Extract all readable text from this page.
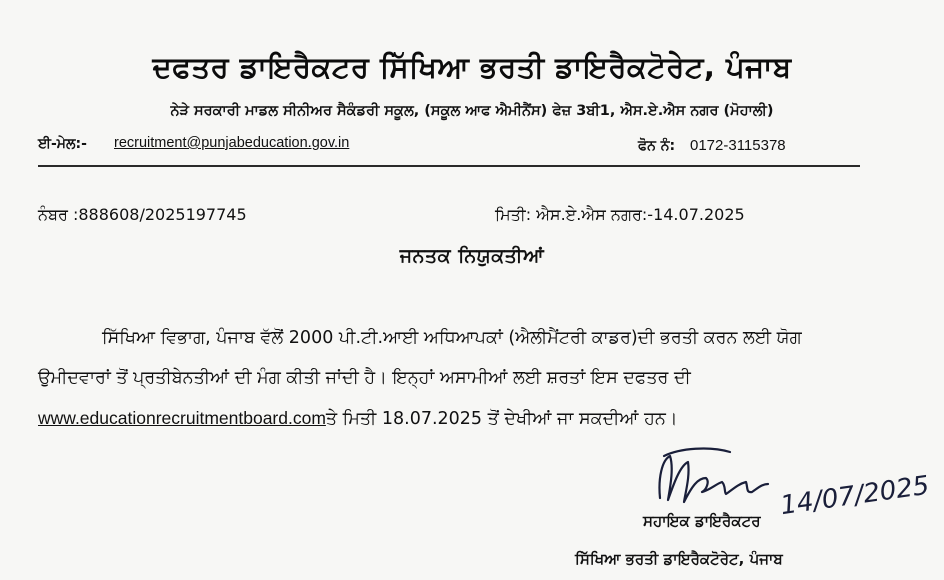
ਦਫਤਰ ਡਾਇਰੈਕਟਰ ਸਿੱਖਿਆ ਭਰਤੀ ਡਾਇਰੈਕਟੋਰੇਟ, ਪੰਜਾਬ
ਨੇੜੇ ਸਰਕਾਰੀ ਮਾਡਲ ਸੀਨੀਅਰ ਸੈਕੰਡਰੀ ਸਕੂਲ, (ਸਕੂਲ ਆਫ ਐਮੀਨੈਂਸ) ਫੇਜ਼ 3ਬੀ1, ਐਸ.ਏ.ਐਸ ਨਗਰ (ਮੋਹਾਲੀ)
ਈ-ਮੇਲ:- recruitment@punjabeducation.gov.in	ਫੋਨ ਨੰ: 0172-3115378
ਨੰਬਰ :888608/2025197745	ਮਿਤੀ: ਐਸ.ਏ.ਐਸ ਨਗਰ:-14.07.2025
ਜਨਤਕ ਨਿਯੁਕਤੀਆਂ
ਸਿੱਖਿਆ ਵਿਭਾਗ, ਪੰਜਾਬ ਵੱਲੋਂ 2000 ਪੀ.ਟੀ.ਆਈ ਅਧਿਆਪਕਾਂ (ਐਲੀਮੈਂਟਰੀ ਕਾਡਰ)ਦੀ ਭਰਤੀ ਕਰਨ ਲਈ ਯੋਗ ਉਮੀਦਵਾਰਾਂ ਤੋਂ ਪ੍ਰਤੀਬੇਨਤੀਆਂ ਦੀ ਮੰਗ ਕੀਤੀ ਜਾਂਦੀ ਹੈ। ਇਨ੍ਹਾਂ ਅਸਾਮੀਆਂ ਲਈ ਸ਼ਰਤਾਂ ਇਸ ਦਫਤਰ ਦੀ www.educationrecruitmentboard.comਤੇ ਮਿਤੀ 18.07.2025 ਤੋਂ ਦੇਖੀਆਂ ਜਾ ਸਕਦੀਆਂ ਹਨ।
14/07/2025
ਸਹਾਇਕ ਡਾਇਰੈਕਟਰ
ਸਿੱਖਿਆ ਭਰਤੀ ਡਾਇਰੈਕਟੋਰੇਟ, ਪੰਜਾਬ
